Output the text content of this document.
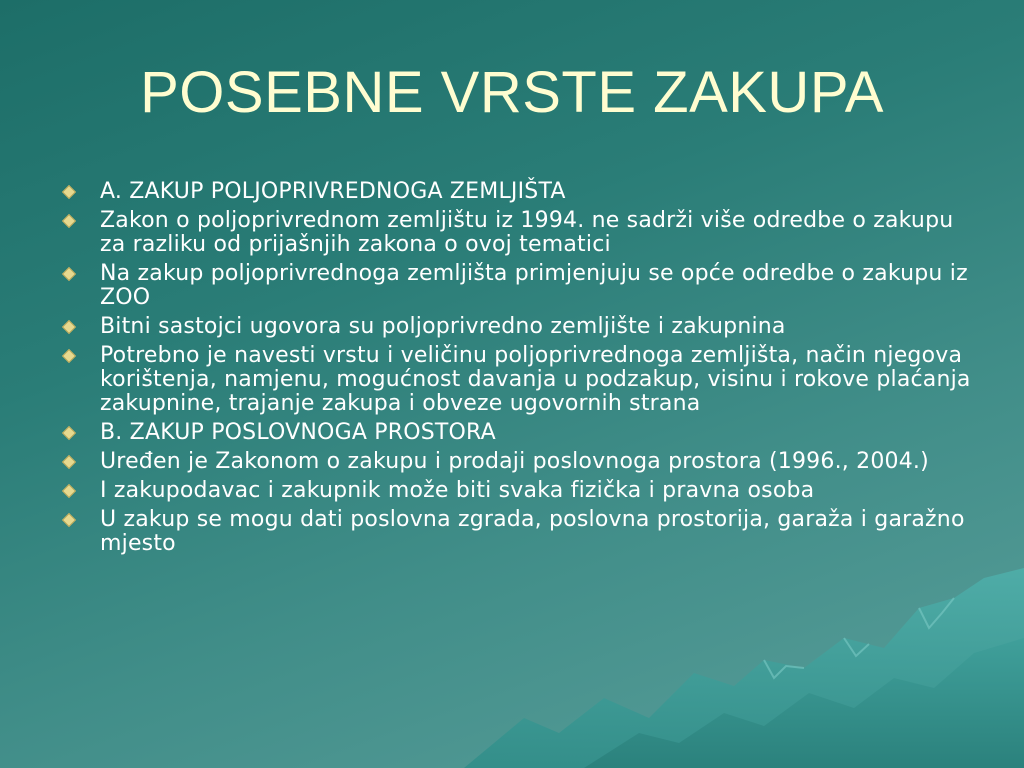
POSEBNE VRSTE ZAKUPA
A. ZAKUP POLJOPRIVREDNOGA ZEMLJIŠTA
Zakon o poljoprivrednom zemljištu iz 1994. ne sadrži više odredbe o zakupu za razliku od prijašnjih zakona o ovoj tematici
Na zakup poljoprivrednoga zemljišta primjenjuju se opće odredbe o zakupu iz ZOO
Bitni sastojci ugovora su poljoprivredno zemljište i zakupnina
Potrebno je navesti vrstu i veličinu poljoprivrednoga zemljišta, način njegova korištenja, namjenu, mogućnost davanja u podzakup, visinu i rokove plaćanja zakupnine, trajanje zakupa i obveze ugovornih strana
B. ZAKUP POSLOVNOGA PROSTORA
Uređen je Zakonom o zakupu i prodaji poslovnoga prostora (1996., 2004.)
I zakupodavac i zakupnik može biti svaka fizička i pravna osoba
U zakup se mogu dati poslovna zgrada, poslovna prostorija, garaža i garažno mjesto
